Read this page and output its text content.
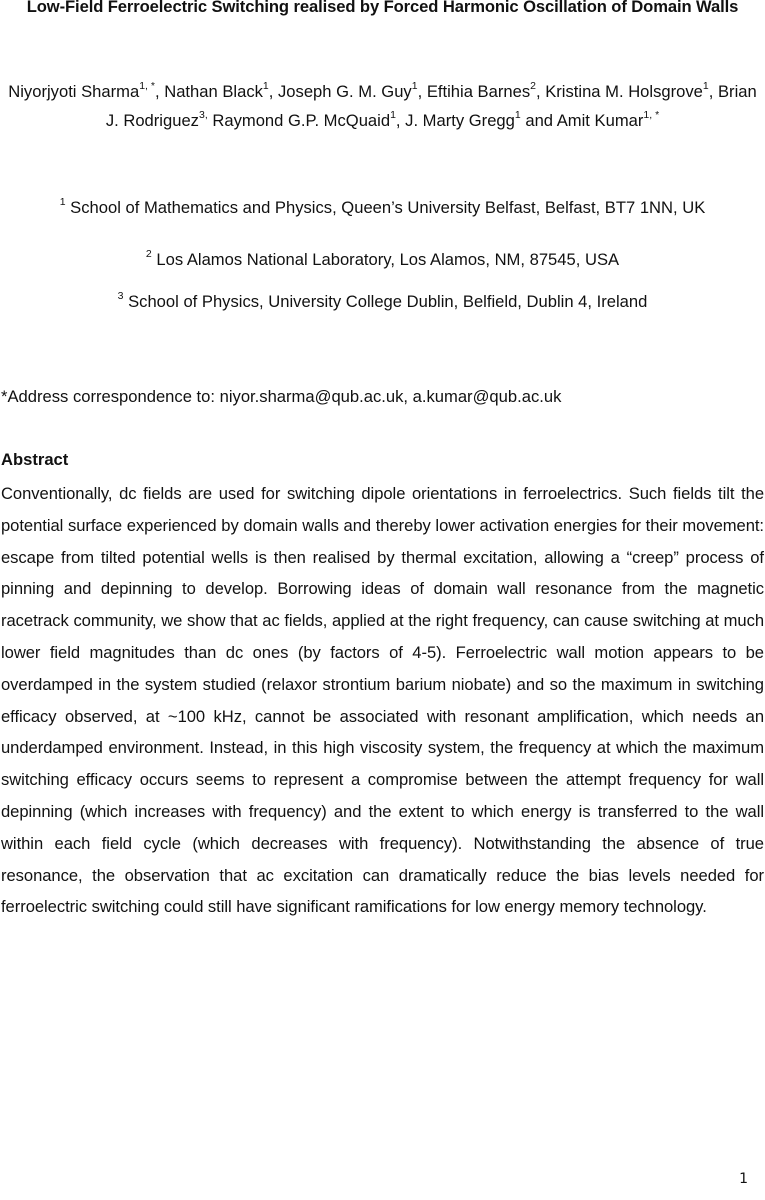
Low-Field Ferroelectric Switching realised by Forced Harmonic Oscillation of Domain Walls
Niyorjyoti Sharma$^{1, *}$, Nathan Black$^1$, Joseph G. M. Guy$^1$, Eftihia Barnes$^2$, Kristina M. Holsgrove$^1$, Brian J. Rodriguez$^{3,}$ Raymond G.P. McQuaid$^1$, J. Marty Gregg$^1$ and Amit Kumar$^{1, *}$
$^1$ School of Mathematics and Physics, Queen’s University Belfast, Belfast, BT7 1NN, UK
$^2$ Los Alamos National Laboratory, Los Alamos, NM, 87545, USA
$^3$ School of Physics, University College Dublin, Belfield, Dublin 4, Ireland
*Address correspondence to: niyor.sharma@qub.ac.uk, a.kumar@qub.ac.uk
Abstract
Conventionally, dc fields are used for switching dipole orientations in ferroelectrics. Such fields tilt the potential surface experienced by domain walls and thereby lower activation energies for their movement: escape from tilted potential wells is then realised by thermal excitation, allowing a “creep” process of pinning and depinning to develop. Borrowing ideas of domain wall resonance from the magnetic racetrack community, we show that ac fields, applied at the right frequency, can cause switching at much lower field magnitudes than dc ones (by factors of 4-5). Ferroelectric wall motion appears to be overdamped in the system studied (relaxor strontium barium niobate) and so the maximum in switching efficacy observed, at ~100 kHz, cannot be associated with resonant amplification, which needs an underdamped environment. Instead, in this high viscosity system, the frequency at which the maximum switching efficacy occurs seems to represent a compromise between the attempt frequency for wall depinning (which increases with frequency) and the extent to which energy is transferred to the wall within each field cycle (which decreases with frequency). Notwithstanding the absence of true resonance, the observation that ac excitation can dramatically reduce the bias levels needed for ferroelectric switching could still have significant ramifications for low energy memory technology.
1
